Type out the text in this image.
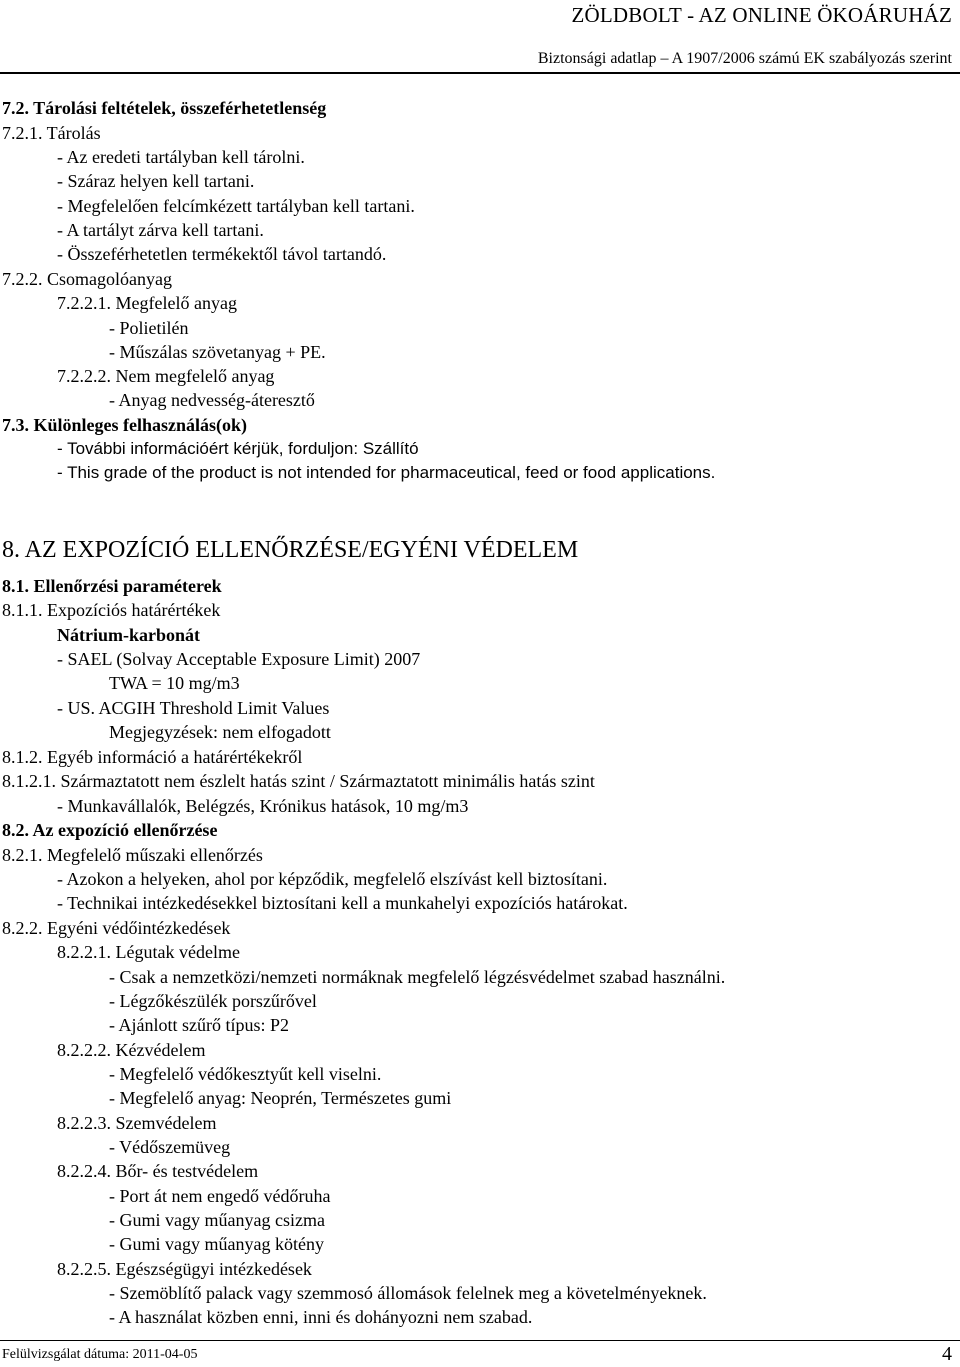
ZÖLDBOLT - AZ ONLINE ÖKOÁRUHÁZ
Biztonsági adatlap – A 1907/2006 számú EK szabályozás szerint
7.2. Tárolási feltételek, összeférhetetlenség
7.2.1. Tárolás
- Az eredeti tartályban kell tárolni.
- Száraz helyen kell tartani.
- Megfelelően felcímkézett tartályban kell tartani.
- A tartályt zárva kell tartani.
- Összeférhetetlen termékektől távol tartandó.
7.2.2. Csomagolóanyag
7.2.2.1. Megfelelő anyag
- Polietilén
- Műszálas szövetanyag + PE.
7.2.2.2. Nem megfelelő anyag
- Anyag nedvesség-áteresztő
7.3. Különleges felhasználás(ok)
- További információért kérjük, forduljon: Szállító
- This grade of the product is not intended for pharmaceutical, feed or food applications.
8. AZ EXPOZÍCIÓ ELLENŐRZÉSE/EGYÉNI VÉDELEM
8.1. Ellenőrzési paraméterek
8.1.1. Expozíciós határértékek
Nátrium-karbonát
- SAEL (Solvay Acceptable Exposure Limit) 2007
TWA = 10 mg/m3
- US. ACGIH Threshold Limit Values
Megjegyzések: nem elfogadott
8.1.2. Egyéb információ a határértékekről
8.1.2.1. Származtatott nem észlelt hatás szint / Származtatott minimális hatás szint
- Munkavállalók, Belégzés, Krónikus hatások, 10 mg/m3
8.2. Az expozíció ellenőrzése
8.2.1. Megfelelő műszaki ellenőrzés
- Azokon a helyeken, ahol por képződik, megfelelő elszívást kell biztosítani.
- Technikai intézkedésekkel biztosítani kell a munkahelyi expozíciós határokat.
8.2.2. Egyéni védőintézkedések
8.2.2.1. Légutak védelme
- Csak a nemzetközi/nemzeti normáknak megfelelő légzésvédelmet szabad használni.
- Légzőkészülék porszűrővel
- Ajánlott szűrő típus: P2
8.2.2.2. Kézvédelem
- Megfelelő védőkesztyűt kell viselni.
- Megfelelő anyag: Neoprén, Természetes gumi
8.2.2.3. Szemvédelem
- Védőszemüveg
8.2.2.4. Bőr- és testvédelem
- Port át nem engedő védőruha
- Gumi vagy műanyag csizma
- Gumi vagy műanyag kötény
8.2.2.5. Egészségügyi intézkedések
- Szemöblítő palack vagy szemmosó állomások felelnek meg a követelményeknek.
- A használat közben enni, inni és dohányozni nem szabad.
Felülvizsgálat dátuma: 2011-04-05	4
